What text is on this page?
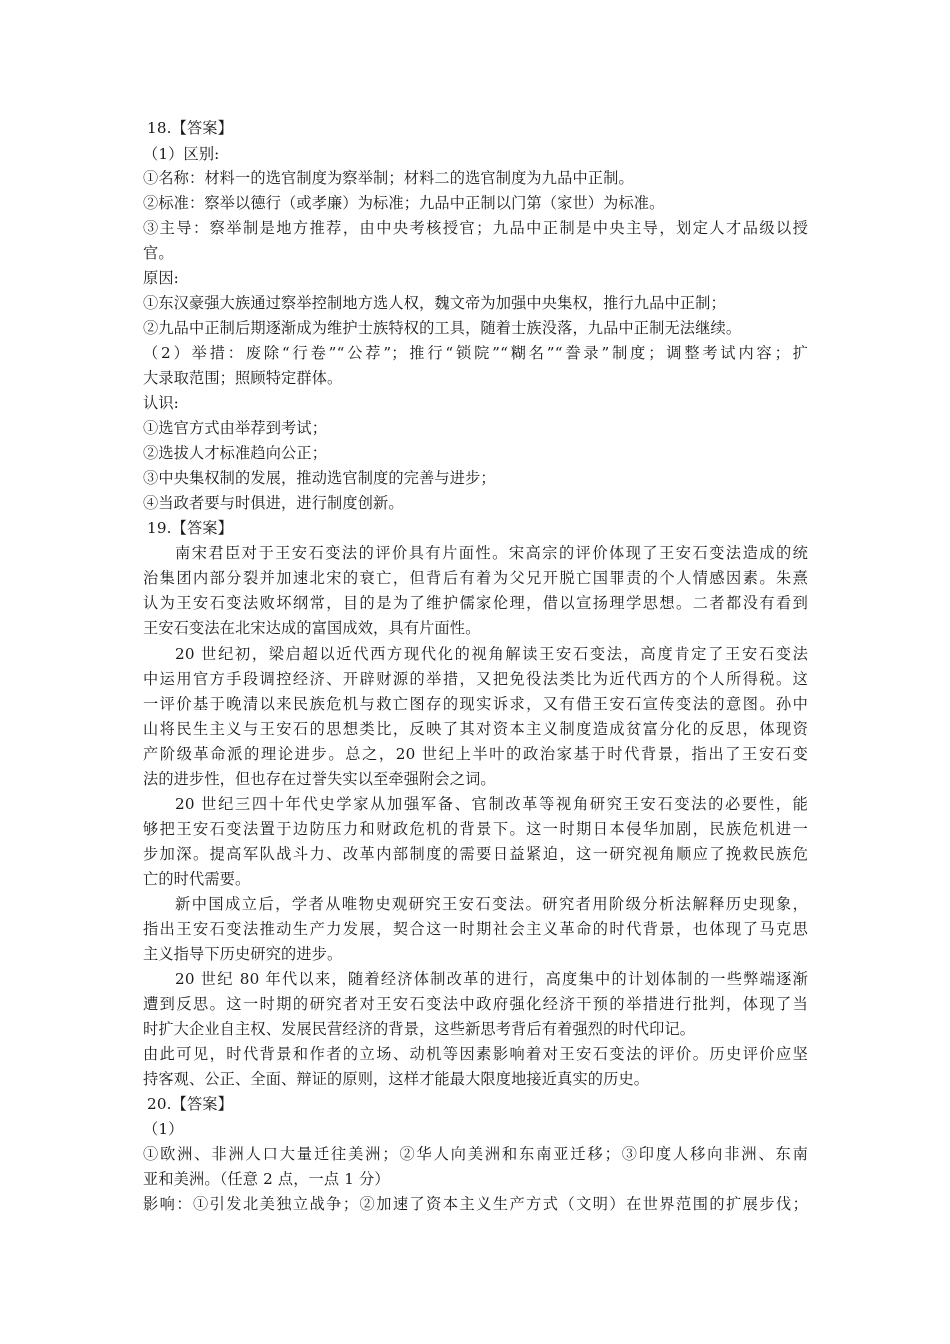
18.【答案】
（1）区别:
①名称：材料一的选官制度为察举制；材料二的选官制度为九品中正制。
②标准：察举以德行（或孝廉）为标准；九品中正制以门第（家世）为标准。
③主导：察举制是地方推荐，由中央考核授官；九品中正制是中央主导，划定人才品级以授
官。
原因:
①东汉豪强大族通过察举控制地方选人权，魏文帝为加强中央集权，推行九品中正制；
②九品中正制后期逐渐成为维护士族特权的工具，随着士族没落，九品中正制无法继续。
（2）举措：废除“行卷”“公荐”；推行“锁院”“糊名”“誊录”制度；调整考试内容；扩
大录取范围；照顾特定群体。
认识:
①选官方式由举荐到考试；
②选拔人才标准趋向公正；
③中央集权制的发展，推动选官制度的完善与进步；
④当政者要与时俱进，进行制度创新。
19.【答案】
南宋君臣对于王安石变法的评价具有片面性。宋高宗的评价体现了王安石变法造成的统
治集团内部分裂并加速北宋的衰亡，但背后有着为父兄开脱亡国罪责的个人情感因素。朱熹
认为王安石变法败坏纲常，目的是为了维护儒家伦理，借以宣扬理学思想。二者都没有看到
王安石变法在北宋达成的富国成效，具有片面性。
20 世纪初，梁启超以近代西方现代化的视角解读王安石变法，高度肯定了王安石变法
中运用官方手段调控经济、开辟财源的举措，又把免役法类比为近代西方的个人所得税。这
一评价基于晚清以来民族危机与救亡图存的现实诉求，又有借王安石宣传变法的意图。孙中
山将民生主义与王安石的思想类比，反映了其对资本主义制度造成贫富分化的反思，体现资
产阶级革命派的理论进步。总之，20 世纪上半叶的政治家基于时代背景，指出了王安石变
法的进步性，但也存在过誉失实以至牵强附会之词。
20 世纪三四十年代史学家从加强军备、官制改革等视角研究王安石变法的必要性，能
够把王安石变法置于边防压力和财政危机的背景下。这一时期日本侵华加剧，民族危机进一
步加深。提高军队战斗力、改革内部制度的需要日益紧迫，这一研究视角顺应了挽救民族危
亡的时代需要。
新中国成立后，学者从唯物史观研究王安石变法。研究者用阶级分析法解释历史现象，
指出王安石变法推动生产力发展，契合这一时期社会主义革命的时代背景，也体现了马克思
主义指导下历史研究的进步。
20 世纪 80 年代以来，随着经济体制改革的进行，高度集中的计划体制的一些弊端逐渐
遭到反思。这一时期的研究者对王安石变法中政府强化经济干预的举措进行批判，体现了当
时扩大企业自主权、发展民营经济的背景，这些新思考背后有着强烈的时代印记。
由此可见，时代背景和作者的立场、动机等因素影响着对王安石变法的评价。历史评价应坚
持客观、公正、全面、辩证的原则，这样才能最大限度地接近真实的历史。
20.【答案】
（1）
①欧洲、非洲人口大量迁往美洲；②华人向美洲和东南亚迁移；③印度人移向非洲、东南
亚和美洲。（任意 2 点，一点 1 分）
影响：①引发北美独立战争；②加速了资本主义生产方式（文明）在世界范围的扩展步伐；
